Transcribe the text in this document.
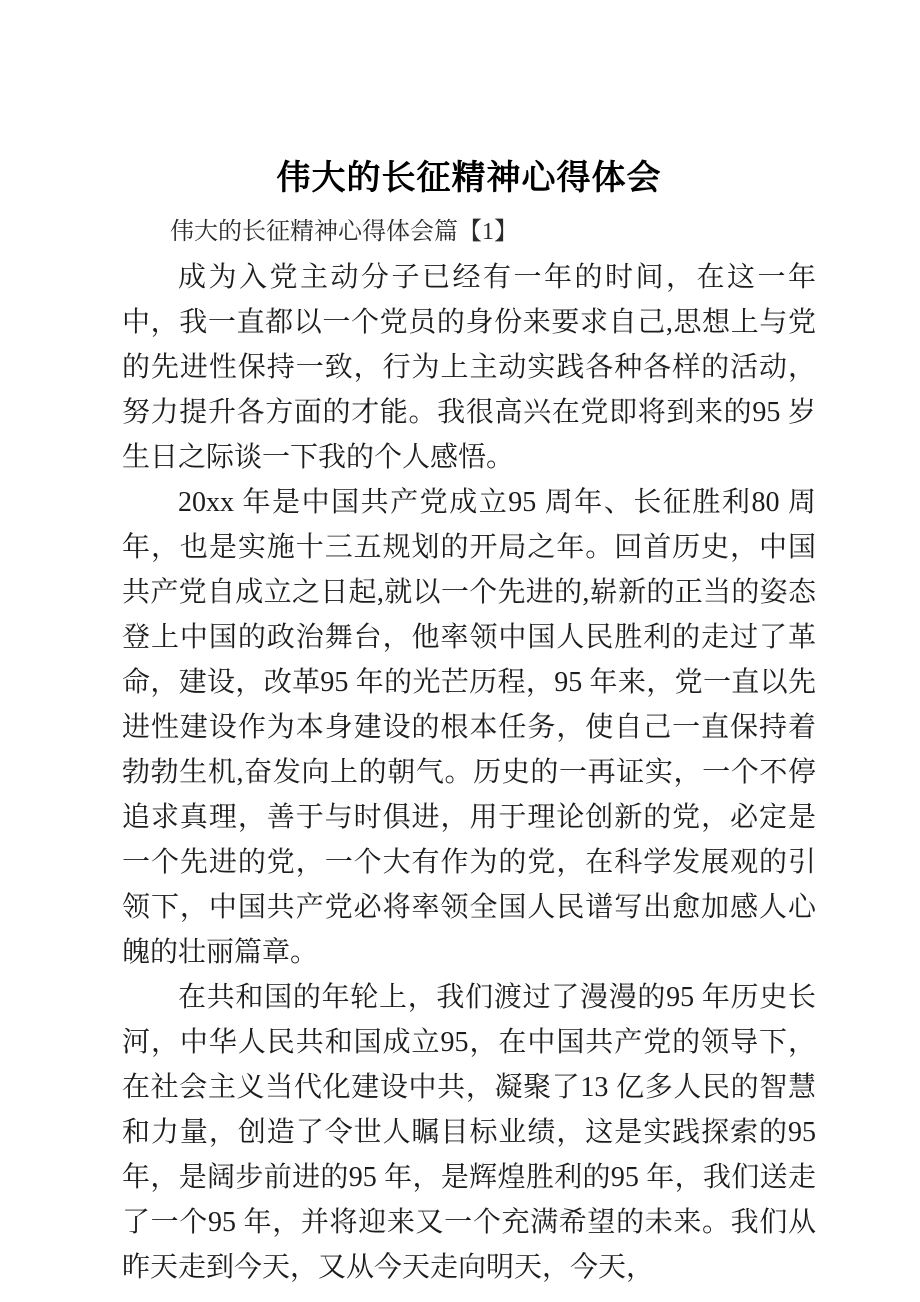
伟大的长征精神心得体会

伟大的长征精神心得体会篇【1】

成为入党主动分子已经有一年的时间，在这一年中，我一直都以一个党员的身份来要求自己,思想上与党的先进性保持一致，行为上主动实践各种各样的活动，努力提升各方面的才能。我很高兴在党即将到来的95 岁生日之际谈一下我的个人感悟。

20xx 年是中国共产党成立95 周年、长征胜利80 周年，也是实施十三五规划的开局之年。回首历史，中国共产党自成立之日起,就以一个先进的,崭新的正当的姿态登上中国的政治舞台，他率领中国人民胜利的走过了革命，建设，改革95 年的光芒历程，95 年来，党一直以先进性建设作为本身建设的根本任务，使自己一直保持着勃勃生机,奋发向上的朝气。历史的一再证实，一个不停追求真理，善于与时俱进，用于理论创新的党，必定是一个先进的党，一个大有作为的党，在科学发展观的引领下，中国共产党必将率领全国人民谱写出愈加感人心魄的壮丽篇章。

在共和国的年轮上，我们渡过了漫漫的95 年历史长河，中华人民共和国成立95，在中国共产党的领导下，在社会主义当代化建设中共，凝聚了13 亿多人民的智慧和力量，创造了令世人瞩目标业绩，这是实践探索的95 年，是阔步前进的95 年，是辉煌胜利的95 年，我们送走了一个95 年，并将迎来又一个充满希望的未来。我们从昨天走到今天，又从今天走向明天，今天，
